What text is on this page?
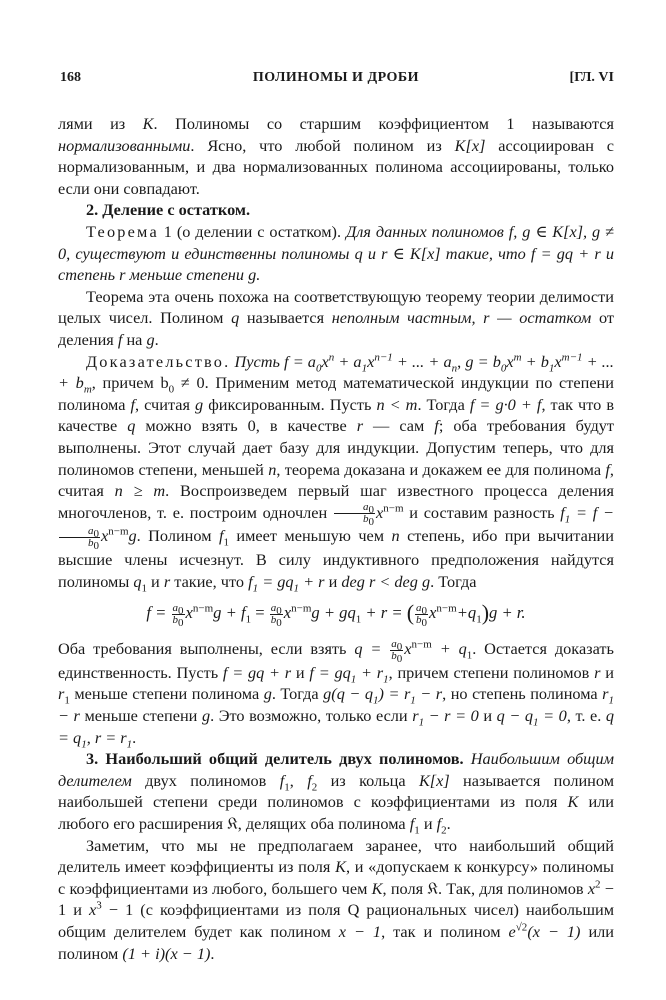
168	ПОЛИНОМЫ И ДРОБИ	[ГЛ. VI

лями из K. Полиномы со старшим коэффициентом 1 называются нормализованными. Ясно, что любой полином из K[x] ассоциирован с нормализованным, и два нормализованных полинома ассоциированы, только если они совпадают.

2. Деление с остатком.

Теорема 1 (о делении с остатком). Для данных полиномов f, g ∈ K[x], g ≠ 0, существуют и единственны полиномы q и r ∈ K[x] такие, что f = gq + r и степень r меньше степени g.

Теорема эта очень похожа на соответствующую теорему теории делимости целых чисел. Полином q называется неполным частным, r — остатком от деления f на g.

Доказательство. Пусть $f = a_0x^n + a_1x^{n-1}$ + ... + $a_n$, $g = b_0x^m + b_1x^{m-1}$ + ... + $b_m$, причем $b_0 \ne 0$. Применим метод математической индукции по степени полинома f, считая g фиксированным. Пусть n < m. Тогда f = g·0 + f, так что в качестве q можно взять 0, в качестве r — сам f; оба требования будут выполнены. Этот случай дает базу для индукции. Допустим теперь, что для полиномов степени, меньшей n, теорема доказана и докажем ее для полинома f, считая n ≥ m. Воспроизведем первый шаг известного процесса деления многочленов, т. е. построим одночлен $\frac{a_0}{b_0} x^{n-m}$ и составим разность $f_1 = f$ −
$\frac{a_0}{b_0} x^{n-m}g$. Полином $f_1$ имеет меньшую чем n степень, ибо при вычитании высшие члены исчезнут. В силу индуктивного предположения найдутся полиномы $q_1$ и r такие, что $f_1 = gq_1 + r$ и deg r < deg g. Тогда

$f = \frac{a_0}{b_0} x^{n-m}g + f_1 = \frac{a_0}{b_0} x^{n-m}g + gq_1 + r$ = ( $\frac{a_0}{b_0} x^{n-m}+q_1)g + r$.

Оба требования выполнены, если взять $q = \frac{a_0}{b_0} x^{n-m} + q_1$. Остается доказать единственность. Пусть f = gq + r и $f = gq_1 + r_1$, причем степени полиномов r и $r_1$ меньше степени полинома g. Тогда $g(q - q_1) = r_1 - r$, но степень полинома $r_1 - r$ меньше степени g. Это возможно, только если $r_1 - r = 0$ и $q - q_1 = 0$, т. е. $q = q_1$, $r = r_1$.

3. Наибольший общий делитель двух полиномов. Наибольшим общим делителем двух полиномов $f_1$, $f_2$ из кольца K[x] называется полином наибольшей степени среди полиномов с коэффициентами из поля K или любого его расширения 𝔎, делящих оба полинома $f_1$ и $f_2$.

Заметим, что мы не предполагаем заранее, что наибольший общий делитель имеет коэффициенты из поля K, и «допускаем к конкурсу» полиномы с коэффициентами из любого, большего чем K, поля 𝔎. Так, для полиномов $x^2 - 1$ и $x^3 - 1$ (с коэффициентами из поля Q рациональных чисел) наибольшим общим делителем будет как полином x − 1, так и полином $e^{√2}(x - 1)$ или полином (1 + i)(x − 1).
